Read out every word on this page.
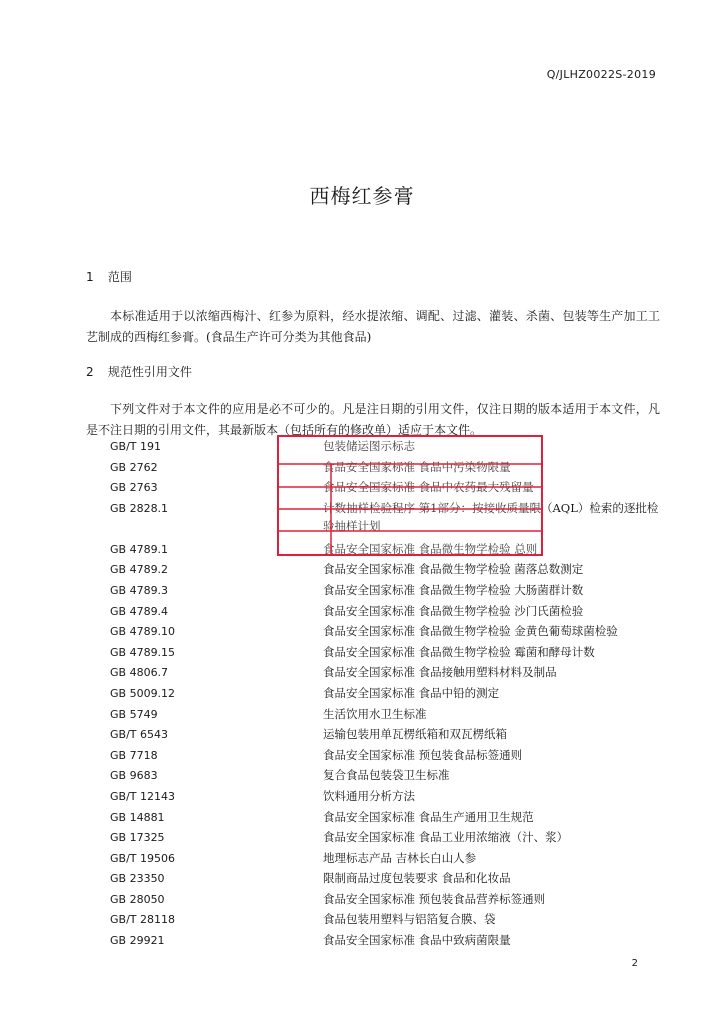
Q/JLHZ0022S-2019
西梅红参膏
1 范围
本标准适用于以浓缩西梅汁、红参为原料，经水提浓缩、调配、过滤、灌装、杀菌、包装等生产加工工艺制成的西梅红参膏。(食品生产许可分类为其他食品)
2 规范性引用文件
下列文件对于本文件的应用是必不可少的。凡是注日期的引用文件，仅注日期的版本适用于本文件，凡是不注日期的引用文件，其最新版本（包括所有的修改单）适应于本文件。
GB/T 191	包装储运图示标志
GB 2762	食品安全国家标准 食品中污染物限量
GB 2763	食品安全国家标准 食品中农药最大残留量
GB 2828.1	计数抽样检验程序 第1部分：按接收质量限（AQL）检索的逐批检验抽样计划
GB 4789.1	食品安全国家标准 食品微生物学检验 总则
GB 4789.2	食品安全国家标准 食品微生物学检验 菌落总数测定
GB 4789.3	食品安全国家标准 食品微生物学检验 大肠菌群计数
GB 4789.4	食品安全国家标准 食品微生物学检验 沙门氏菌检验
GB 4789.10	食品安全国家标准 食品微生物学检验 金黄色葡萄球菌检验
GB 4789.15	食品安全国家标准 食品微生物学检验 霉菌和酵母计数
GB 4806.7	食品安全国家标准 食品接触用塑料材料及制品
GB 5009.12	食品安全国家标准 食品中铅的测定
GB 5749	生活饮用水卫生标准
GB/T 6543	运输包装用单瓦楞纸箱和双瓦楞纸箱
GB 7718	食品安全国家标准 预包装食品标签通则
GB 9683	复合食品包装袋卫生标准
GB/T 12143	饮料通用分析方法
GB 14881	食品安全国家标准 食品生产通用卫生规范
GB 17325	食品安全国家标准 食品工业用浓缩液（汁、浆）
GB/T 19506	地理标志产品 吉林长白山人参
GB 23350	限制商品过度包装要求 食品和化妆品
GB 28050	食品安全国家标准 预包装食品营养标签通则
GB/T 28118	食品包装用塑料与铝箔复合膜、袋
GB 29921	食品安全国家标准 食品中致病菌限量
2
